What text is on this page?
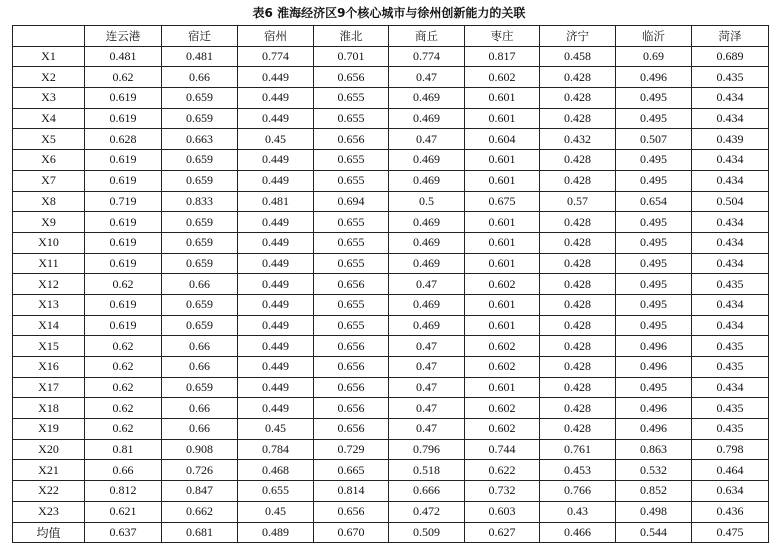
表6 淮海经济区9个核心城市与徐州创新能力的关联
	连云港	宿迁	宿州	淮北	商丘	枣庄	济宁	临沂	菏泽
X1	0.481	0.481	0.774	0.701	0.774	0.817	0.458	0.69	0.689
X2	0.62	0.66	0.449	0.656	0.47	0.602	0.428	0.496	0.435
X3	0.619	0.659	0.449	0.655	0.469	0.601	0.428	0.495	0.434
X4	0.619	0.659	0.449	0.655	0.469	0.601	0.428	0.495	0.434
X5	0.628	0.663	0.45	0.656	0.47	0.604	0.432	0.507	0.439
X6	0.619	0.659	0.449	0.655	0.469	0.601	0.428	0.495	0.434
X7	0.619	0.659	0.449	0.655	0.469	0.601	0.428	0.495	0.434
X8	0.719	0.833	0.481	0.694	0.5	0.675	0.57	0.654	0.504
X9	0.619	0.659	0.449	0.655	0.469	0.601	0.428	0.495	0.434
X10	0.619	0.659	0.449	0.655	0.469	0.601	0.428	0.495	0.434
X11	0.619	0.659	0.449	0.655	0.469	0.601	0.428	0.495	0.434
X12	0.62	0.66	0.449	0.656	0.47	0.602	0.428	0.495	0.435
X13	0.619	0.659	0.449	0.655	0.469	0.601	0.428	0.495	0.434
X14	0.619	0.659	0.449	0.655	0.469	0.601	0.428	0.495	0.434
X15	0.62	0.66	0.449	0.656	0.47	0.602	0.428	0.496	0.435
X16	0.62	0.66	0.449	0.656	0.47	0.602	0.428	0.496	0.435
X17	0.62	0.659	0.449	0.656	0.47	0.601	0.428	0.495	0.434
X18	0.62	0.66	0.449	0.656	0.47	0.602	0.428	0.496	0.435
X19	0.62	0.66	0.45	0.656	0.47	0.602	0.428	0.496	0.435
X20	0.81	0.908	0.784	0.729	0.796	0.744	0.761	0.863	0.798
X21	0.66	0.726	0.468	0.665	0.518	0.622	0.453	0.532	0.464
X22	0.812	0.847	0.655	0.814	0.666	0.732	0.766	0.852	0.634
X23	0.621	0.662	0.45	0.656	0.472	0.603	0.43	0.498	0.436
均值	0.637	0.681	0.489	0.670	0.509	0.627	0.466	0.544	0.475
